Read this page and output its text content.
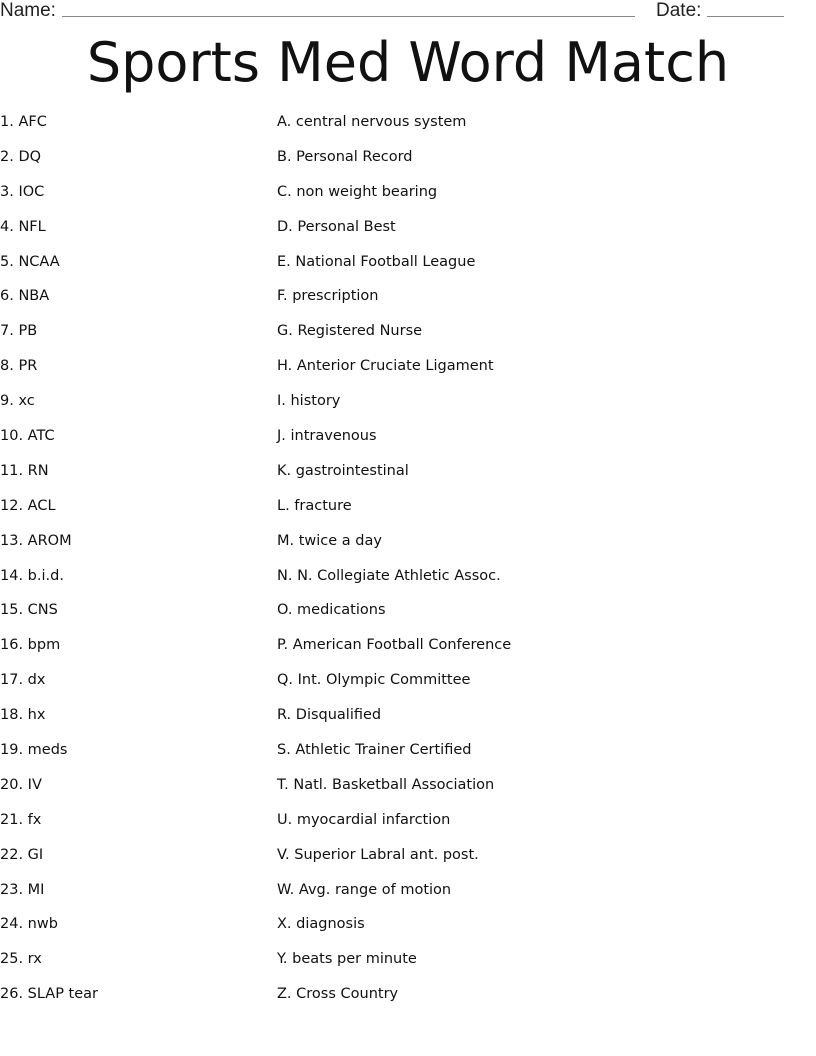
Name:	Date:
Sports Med Word Match
1. AFC
2. DQ
3. IOC
4. NFL
5. NCAA
6. NBA
7. PB
8. PR
9. xc
10. ATC
11. RN
12. ACL
13. AROM
14. b.i.d.
15. CNS
16. bpm
17. dx
18. hx
19. meds
20. IV
21. fx
22. GI
23. MI
24. nwb
25. rx
26. SLAP tear
A. central nervous system
B. Personal Record
C. non weight bearing
D. Personal Best
E. National Football League
F. prescription
G. Registered Nurse
H. Anterior Cruciate Ligament
I. history
J. intravenous
K. gastrointestinal
L. fracture
M. twice a day
N. N. Collegiate Athletic Assoc.
O. medications
P. American Football Conference
Q. Int. Olympic Committee
R. Disqualified
S. Athletic Trainer Certified
T. Natl. Basketball Association
U. myocardial infarction
V. Superior Labral ant. post.
W. Avg. range of motion
X. diagnosis
Y. beats per minute
Z. Cross Country
